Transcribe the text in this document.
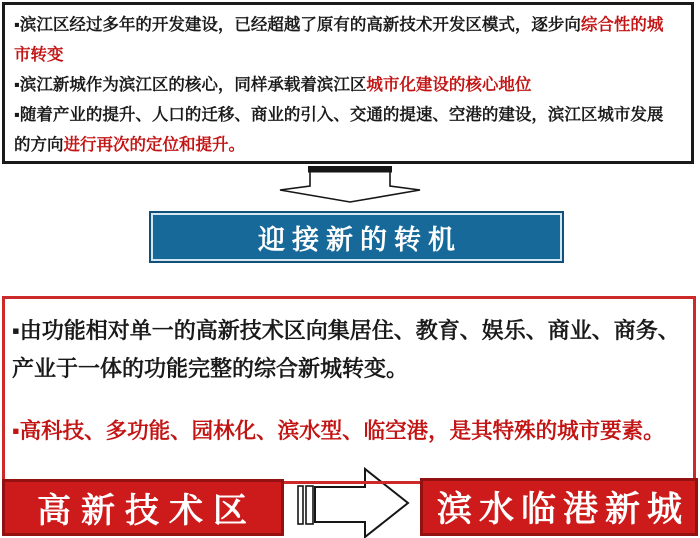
▪滨江区经过多年的开发建设，已经超越了原有的高新技术开发区模式，逐步向综合性的城
市转变
▪滨江新城作为滨江区的核心，同样承载着滨江区城市化建设的核心地位
▪随着产业的提升、人口的迁移、商业的引入、交通的提速、空港的建设，滨江区城市发展
的方向进行再次的定位和提升。
迎接新的转机
▪由功能相对单一的高新技术区向集居住、教育、娱乐、商业、商务、
产业于一体的功能完整的综合新城转变。
▪高科技、多功能、园林化、滨水型、临空港，是其特殊的城市要素。
高新技术区	滨水临港新城
